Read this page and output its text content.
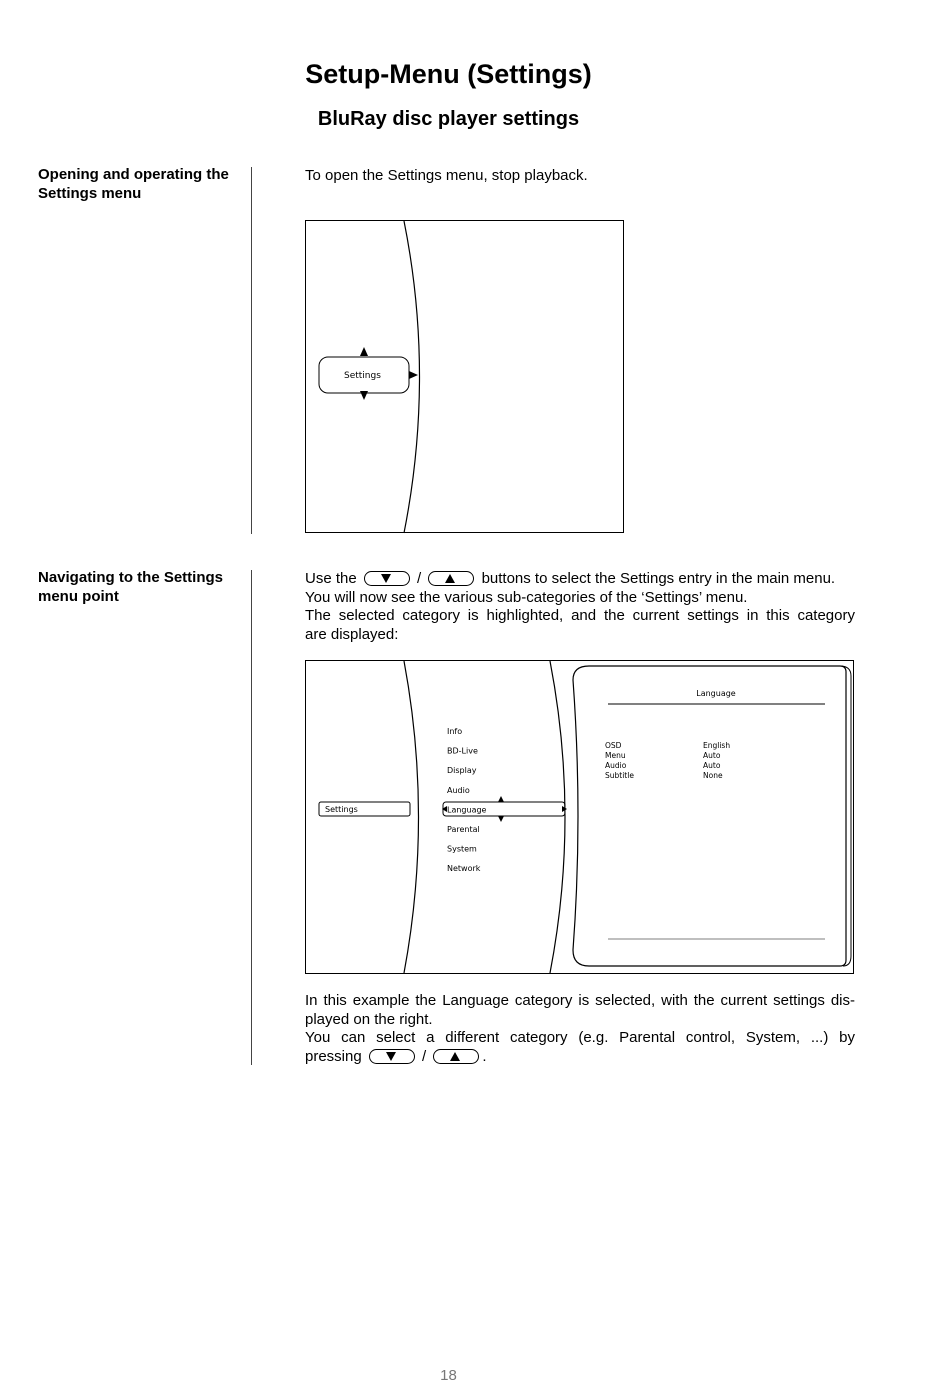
Setup-Menu (Settings)
BluRay disc player settings
Opening and operating the
Settings menu
To open the Settings menu, stop playback.
Settings
Navigating to the Settings
menu point
Use the	/	buttons to select the Settings entry in the main menu.
You will now see the various sub-categories of the ‘Settings’ menu.
The selected category is highlighted, and the current settings in this category
are displayed:
Settings
Info
BD-Live
Display
Audio
Language
Parental
System
Network
Language
OSD	English
Menu	Auto
Audio	Auto
Subtitle	None
In this example the Language category is selected, with the current settings dis-
played on the right.
You can select a different category (e.g. Parental control, System, ...) by
pressing	/	.
18
